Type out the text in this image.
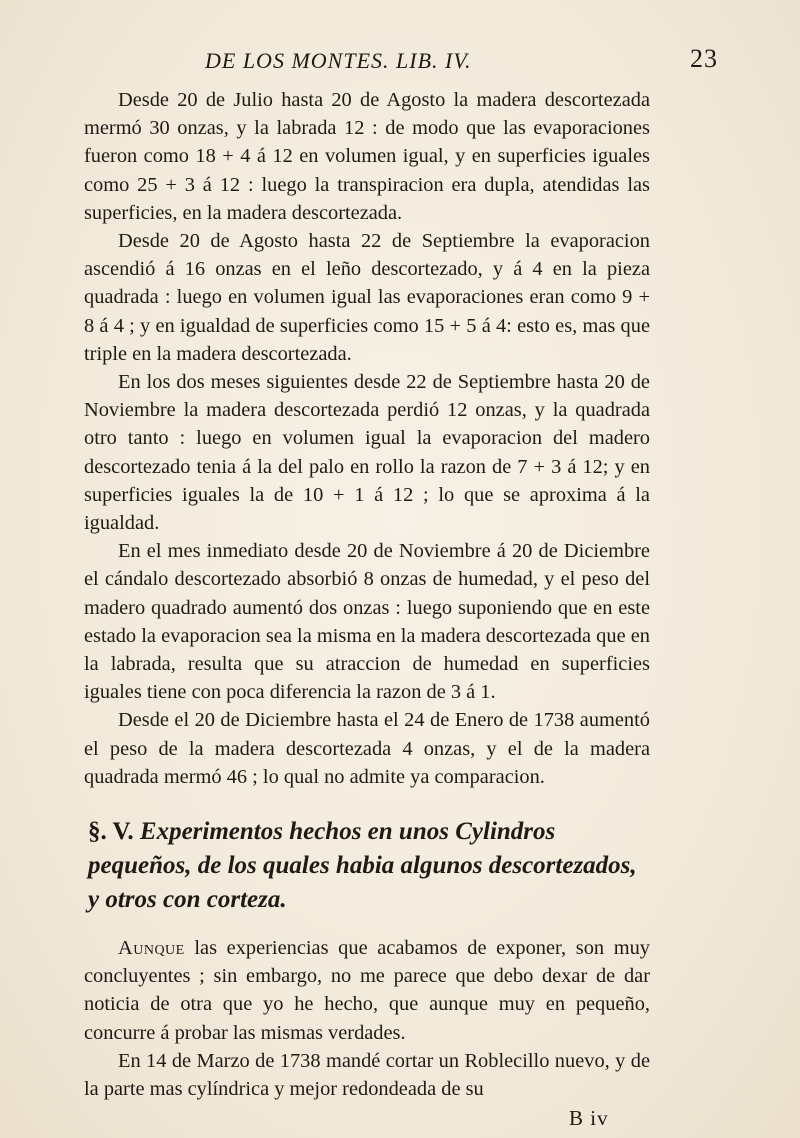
DE LOS MONTES. LIB. IV.	23

Desde 20 de Julio hasta 20 de Agosto la madera descortezada mermó 30 onzas, y la labrada 12 : de modo que las evaporaciones fueron como 18 + 4 á 12 en volumen igual, y en superficies iguales como 25 + 3 á 12 : luego la transpiracion era dupla, atendidas las superficies, en la madera descortezada.

Desde 20 de Agosto hasta 22 de Septiembre la evaporacion ascendió á 16 onzas en el leño descortezado, y á 4 en la pieza quadrada : luego en volumen igual las evaporaciones eran como 9 + 8 á 4 ; y en igualdad de superficies como 15 + 5 á 4: esto es, mas que triple en la madera descortezada.

En los dos meses siguientes desde 22 de Septiembre hasta 20 de Noviembre la madera descortezada perdió 12 onzas, y la quadrada otro tanto : luego en volumen igual la evaporacion del madero descortezado tenia á la del palo en rollo la razon de 7 + 3 á 12; y en superficies iguales la de 10 + 1 á 12 ; lo que se aproxima á la igualdad.

En el mes inmediato desde 20 de Noviembre á 20 de Diciembre el cándalo descortezado absorbió 8 onzas de humedad, y el peso del madero quadrado aumentó dos onzas : luego suponiendo que en este estado la evaporacion sea la misma en la madera descortezada que en la labrada, resulta que su atraccion de humedad en superficies iguales tiene con poca diferencia la razon de 3 á 1.

Desde el 20 de Diciembre hasta el 24 de Enero de 1738 aumentó el peso de la madera descortezada 4 onzas, y el de la madera quadrada mermó 46 ; lo qual no admite ya comparacion.

§. V. Experimentos hechos en unos Cylindros pequeños, de los quales habia algunos descortezados, y otros con corteza.

Aunque las experiencias que acabamos de exponer, son muy concluyentes ; sin embargo, no me parece que debo dexar de dar noticia de otra que yo he hecho, que aunque muy en pequeño, concurre á probar las mismas verdades.

En 14 de Marzo de 1738 mandé cortar un Roblecillo nuevo, y de la parte mas cylíndrica y mejor redondeada de su

B iv
